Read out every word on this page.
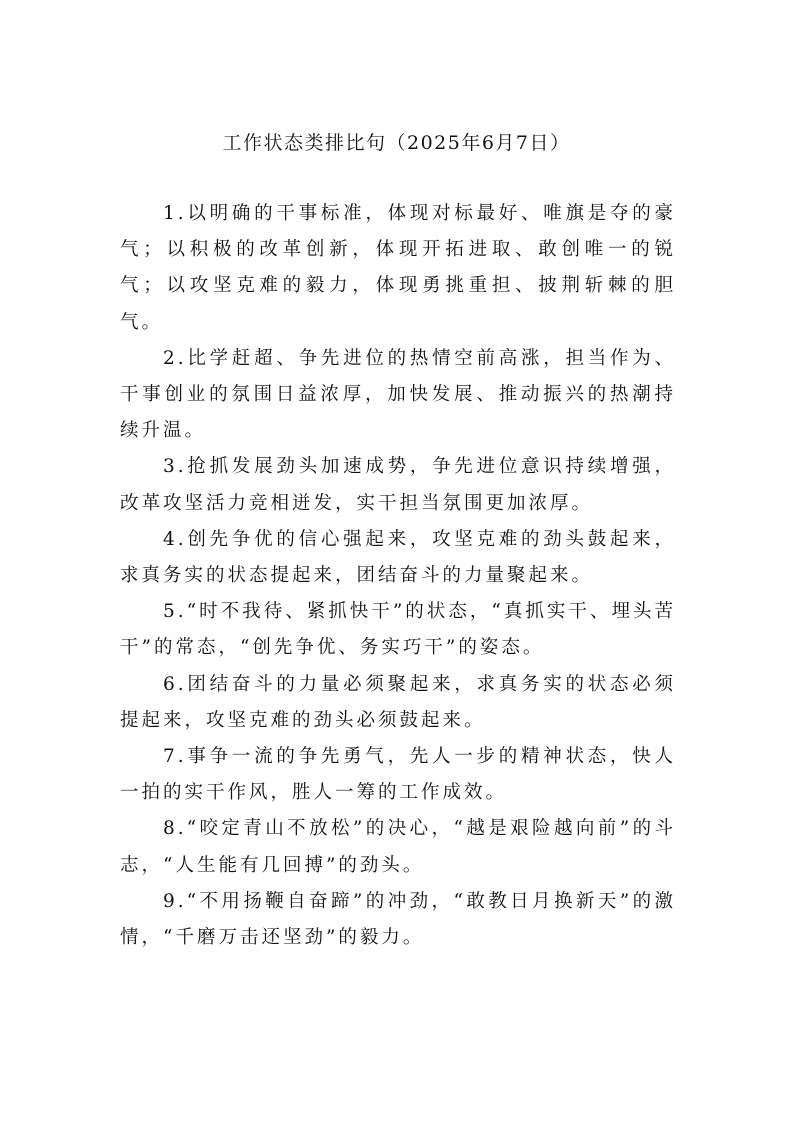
工作状态类排比句（2025年6月7日）

1.以明确的干事标准，体现对标最好、唯旗是夺的豪气；以积极的改革创新，体现开拓进取、敢创唯一的锐气；以攻坚克难的毅力，体现勇挑重担、披荆斩棘的胆气。

2.比学赶超、争先进位的热情空前高涨，担当作为、干事创业的氛围日益浓厚，加快发展、推动振兴的热潮持续升温。

3.抢抓发展劲头加速成势，争先进位意识持续增强，改革攻坚活力竞相迸发，实干担当氛围更加浓厚。

4.创先争优的信心强起来，攻坚克难的劲头鼓起来，求真务实的状态提起来，团结奋斗的力量聚起来。

5.“时不我待、紧抓快干”的状态，“真抓实干、埋头苦干”的常态，“创先争优、务实巧干”的姿态。

6.团结奋斗的力量必须聚起来，求真务实的状态必须提起来，攻坚克难的劲头必须鼓起来。

7.事争一流的争先勇气，先人一步的精神状态，快人一拍的实干作风，胜人一筹的工作成效。

8.“咬定青山不放松”的决心，“越是艰险越向前”的斗志，“人生能有几回搏”的劲头。

9.“不用扬鞭自奋蹄”的冲劲，“敢教日月换新天”的激情，“千磨万击还坚劲”的毅力。
